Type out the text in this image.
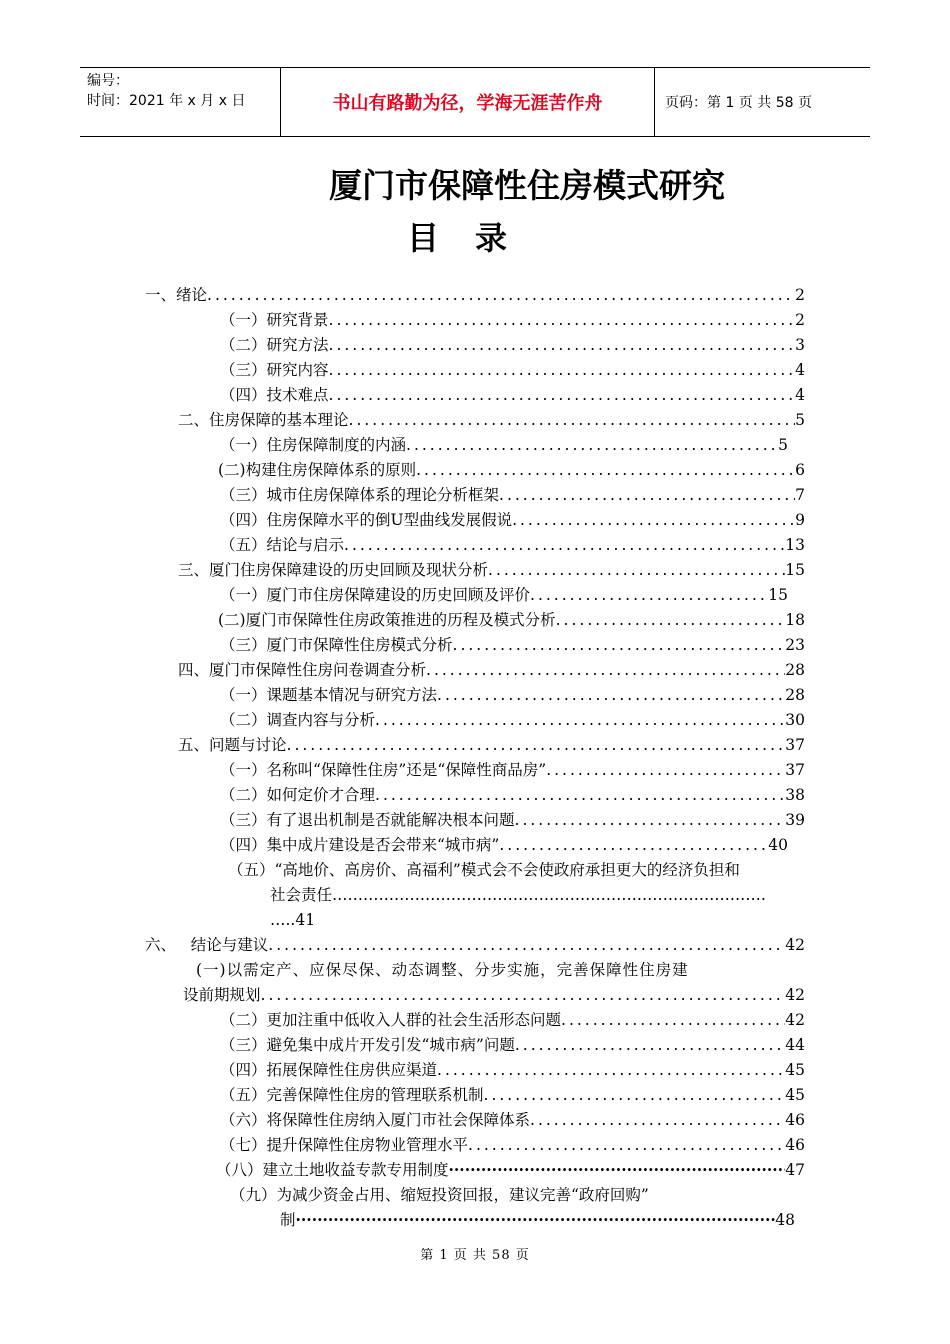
编号：
时间：2021 年 x 月 x 日	书山有路勤为径，学海无涯苦作舟	页码：第 1 页 共 58 页
厦门市保障性住房模式研究
目录
一、绪论 .....	2
（一）研究背景 .....	2
（二）研究方法 .....	3
（三）研究内容 .....	4
（四）技术难点 .....	4
二、住房保障的基本理论 .....	5
（一）住房保障制度的内涵 .....	5
(二)构建住房保障体系的原则 .....	6
（三）城市住房保障体系的理论分析框架 .....	7
（四）住房保障水平的倒U型曲线发展假说 .....	9
（五）结论与启示 .....	13
三、厦门住房保障建设的历史回顾及现状分析 .....	15
（一）厦门市住房保障建设的历史回顾及评价 .....	15
(二)厦门市保障性住房政策推进的历程及模式分析 .....	18
（三）厦门市保障性住房模式分析 .....	23
四、厦门市保障性住房问卷调查分析 .....	28
（一）课题基本情况与研究方法 .....	28
（二）调查内容与分析 .....	30
五、问题与讨论 .....	37
（一）名称叫“保障性住房”还是“保障性商品房” .....	37
（二）如何定价才合理 .....	38
（三）有了退出机制是否就能解决根本问题 .....	39
（四）集中成片建设是否会带来“城市病” .....	40
（五）“高地价、高房价、高福利”模式会不会使政府承担更大的经济负担和
社会责任…………………………………………………………………………
…..41
六、   结论与建议 .....	42
(一)以需定产、应保尽保、动态调整、分步实施，完善保障性住房建
设前期规划 .....	42
（二）更加注重中低收入人群的社会生活形态问题 .....	42
（三）避免集中成片开发引发“城市病”问题 .....	44
（四）拓展保障性住房供应渠道 .....	45
（五）完善保障性住房的管理联系机制 .....	45
（六）将保障性住房纳入厦门市社会保障体系 .....	46
（七）提升保障性住房物业管理水平 .....	46
（八）建立土地收益专款专用制度 ·····	47
（九）为减少资金占用、缩短投资回报，建议完善“政府回购”
制 ·····	48
第 1 页 共 58 页
